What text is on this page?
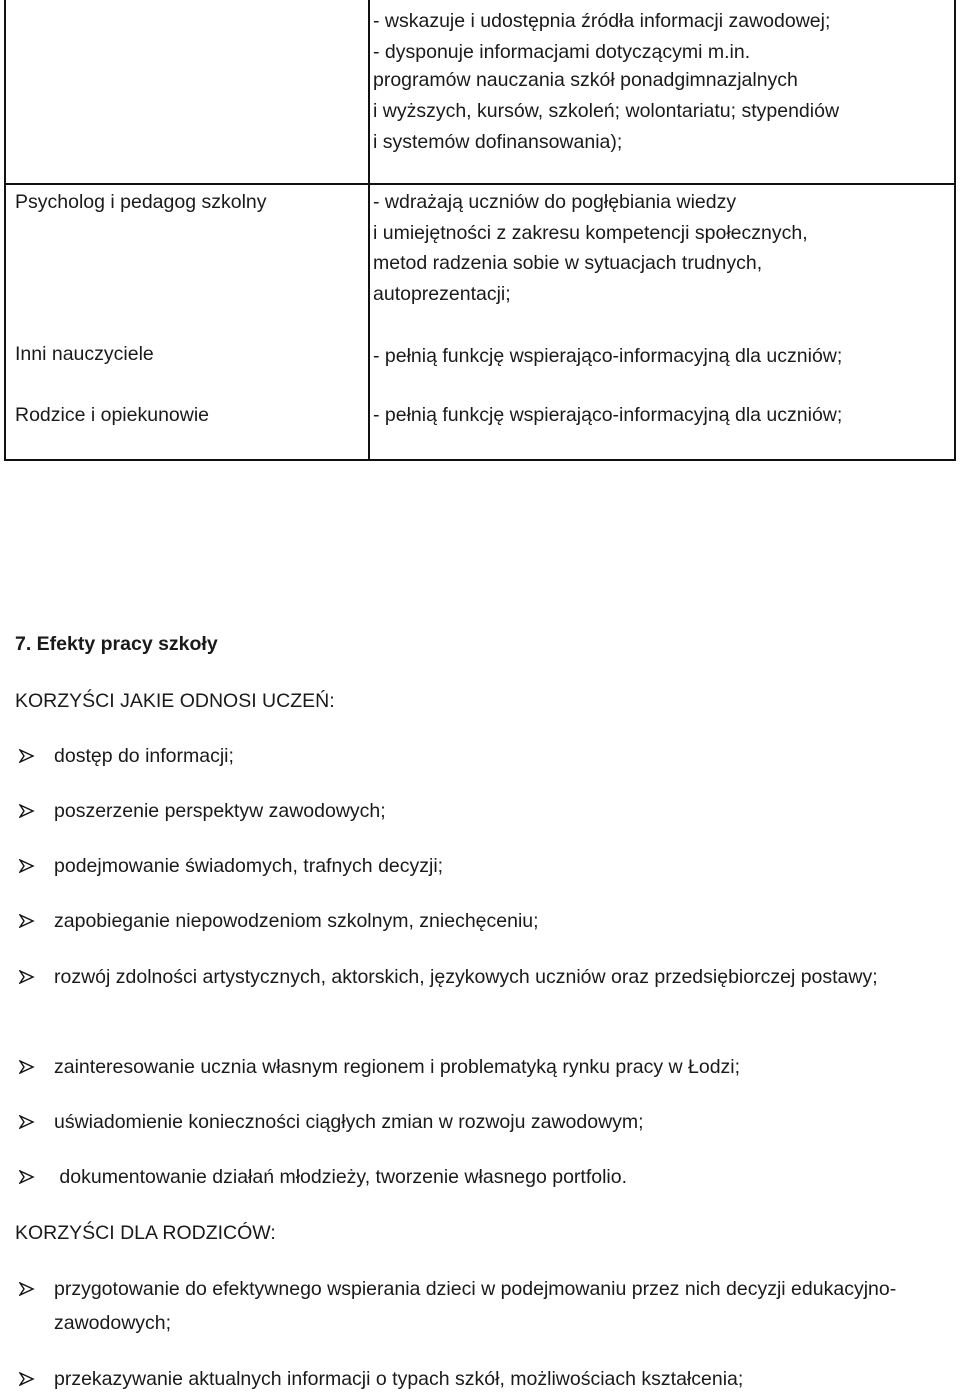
- wskazuje i udostępnia źródła informacji zawodowej;
- dysponuje informacjami dotyczącymi m.in.
programów nauczania szkół ponadgimnazjalnych
i wyższych, kursów, szkoleń; wolontariatu; stypendiów
i systemów dofinansowania);
Psycholog i pedagog szkolny	- wdrażają uczniów do pogłębiania wiedzy
i umiejętności z zakresu kompetencji społecznych,
metod radzenia sobie w sytuacjach trudnych,
autoprezentacji;
Inni nauczyciele	- pełnią funkcję wspierająco-informacyjną dla uczniów;
Rodzice i opiekunowie	- pełnią funkcję wspierająco-informacyjną dla uczniów;
7. Efekty pracy szkoły
KORZYŚCI JAKIE ODNOSI UCZEŃ:
dostęp do informacji;
poszerzenie perspektyw zawodowych;
podejmowanie świadomych, trafnych decyzji;
zapobieganie niepowodzeniom szkolnym, zniechęceniu;
rozwój zdolności artystycznych, aktorskich, językowych uczniów oraz przedsiębiorczej postawy;
zainteresowanie ucznia własnym regionem i problematyką rynku pracy w Łodzi;
uświadomienie konieczności ciągłych zmian w rozwoju zawodowym;
dokumentowanie działań młodzieży, tworzenie własnego portfolio.
KORZYŚCI DLA RODZICÓW:
przygotowanie do efektywnego wspierania dzieci w podejmowaniu przez nich decyzji edukacyjno-zawodowych;
przekazywanie aktualnych informacji o typach szkół, możliwościach kształcenia;
